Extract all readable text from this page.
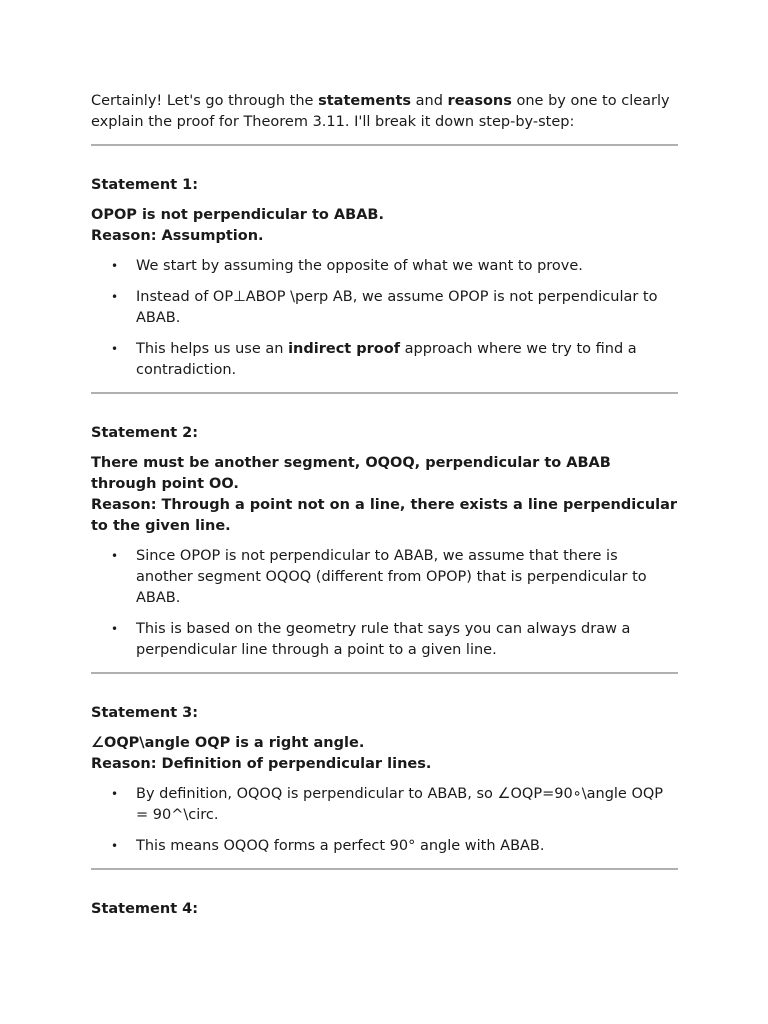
Certainly! Let's go through the statements and reasons one by one to clearly explain the proof for Theorem 3.11. I'll break it down step-by-step:

Statement 1:

OPOP is not perpendicular to ABAB.

Reason: Assumption.

• We start by assuming the opposite of what we want to prove.
• Instead of OP⊥ABOP \perp AB, we assume OPOP is not perpendicular to ABAB.
• This helps us use an indirect proof approach where we try to find a contradiction.

Statement 2:

There must be another segment, OQOQ, perpendicular to ABAB through point OO.

Reason: Through a point not on a line, there exists a line perpendicular to the given line.

• Since OPOP is not perpendicular to ABAB, we assume that there is another segment OQOQ (different from OPOP) that is perpendicular to ABAB.
• This is based on the geometry rule that says you can always draw a perpendicular line through a point to a given line.

Statement 3:

∠OQP\angle OQP is a right angle.

Reason: Definition of perpendicular lines.

• By definition, OQOQ is perpendicular to ABAB, so ∠OQP=90∘\angle OQP = 90^\circ.
• This means OQOQ forms a perfect 90° angle with ABAB.

Statement 4:
